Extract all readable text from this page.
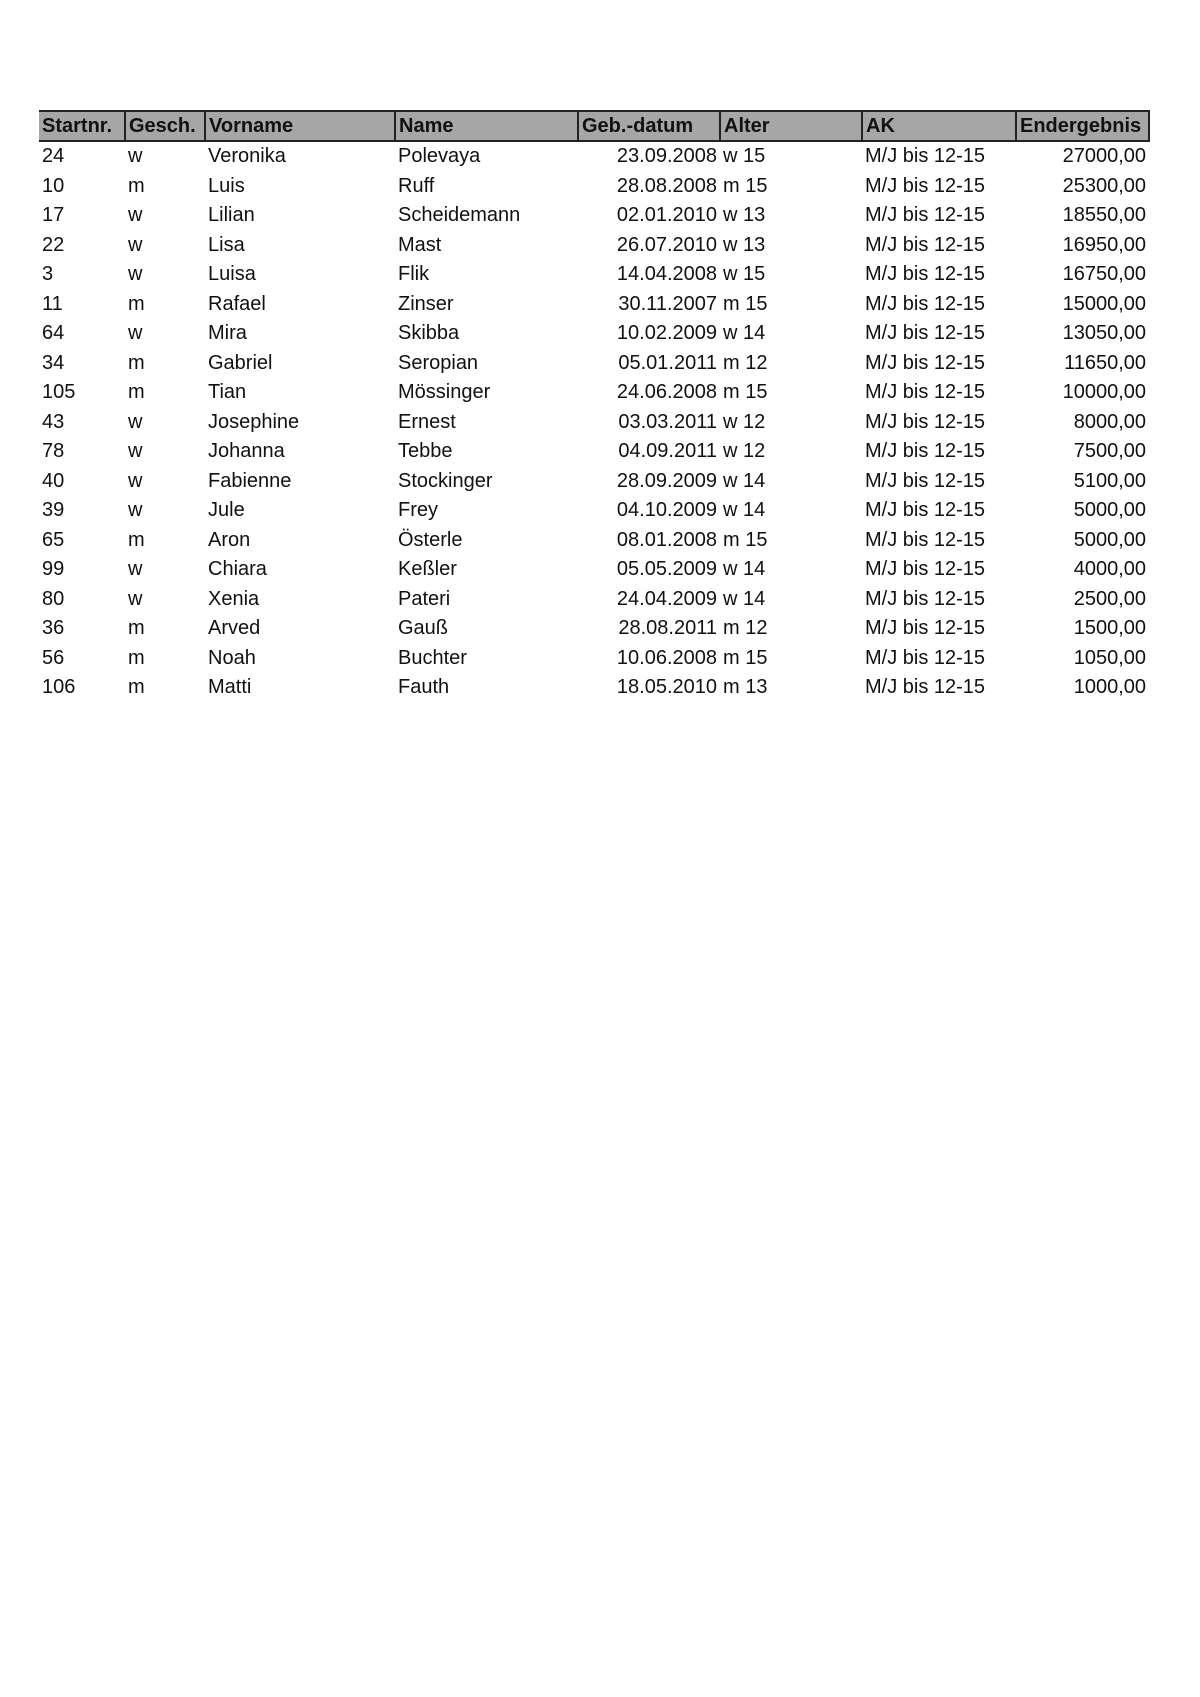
Startnr.	Gesch.	Vorname	Name	Geb.-datum	Alter	AK	Endergebnis
24	w	Veronika	Polevaya	23.09.2008	w 15	M/J bis 12-15	27000,00
10	m	Luis	Ruff	28.08.2008	m 15	M/J bis 12-15	25300,00
17	w	Lilian	Scheidemann	02.01.2010	w 13	M/J bis 12-15	18550,00
22	w	Lisa	Mast	26.07.2010	w 13	M/J bis 12-15	16950,00
3	w	Luisa	Flik	14.04.2008	w 15	M/J bis 12-15	16750,00
11	m	Rafael	Zinser	30.11.2007	m 15	M/J bis 12-15	15000,00
64	w	Mira	Skibba	10.02.2009	w 14	M/J bis 12-15	13050,00
34	m	Gabriel	Seropian	05.01.2011	m 12	M/J bis 12-15	11650,00
105	m	Tian	Mössinger	24.06.2008	m 15	M/J bis 12-15	10000,00
43	w	Josephine	Ernest	03.03.2011	w 12	M/J bis 12-15	8000,00
78	w	Johanna	Tebbe	04.09.2011	w 12	M/J bis 12-15	7500,00
40	w	Fabienne	Stockinger	28.09.2009	w 14	M/J bis 12-15	5100,00
39	w	Jule	Frey	04.10.2009	w 14	M/J bis 12-15	5000,00
65	m	Aron	Österle	08.01.2008	m 15	M/J bis 12-15	5000,00
99	w	Chiara	Keßler	05.05.2009	w 14	M/J bis 12-15	4000,00
80	w	Xenia	Pateri	24.04.2009	w 14	M/J bis 12-15	2500,00
36	m	Arved	Gauß	28.08.2011	m 12	M/J bis 12-15	1500,00
56	m	Noah	Buchter	10.06.2008	m 15	M/J bis 12-15	1050,00
106	m	Matti	Fauth	18.05.2010	m 13	M/J bis 12-15	1000,00
